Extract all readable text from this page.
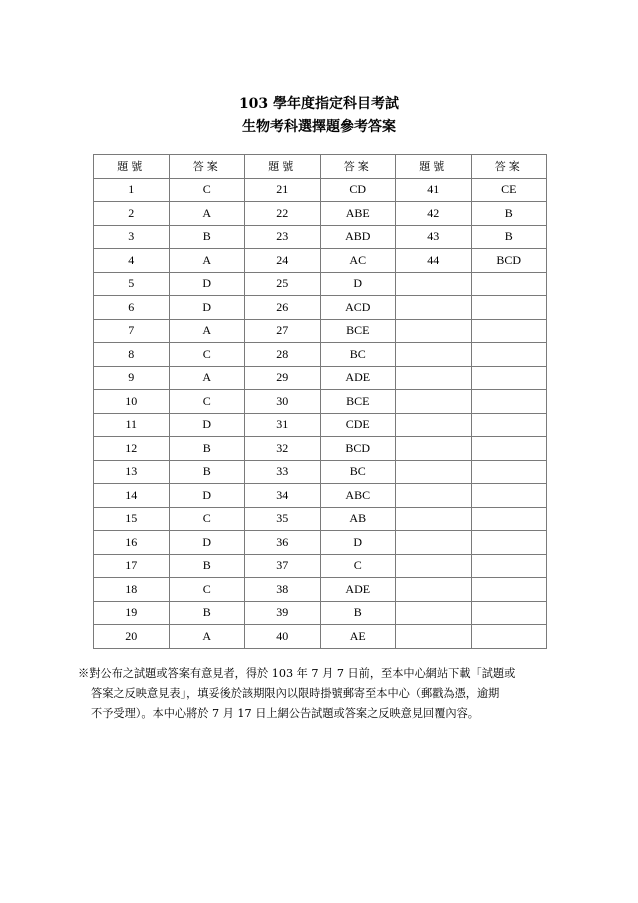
103 學年度指定科目考試
生物考科選擇題參考答案
題號	答案	題號	答案	題號	答案
1	C	21	CD	41	CE
2	A	22	ABE	42	B
3	B	23	ABD	43	B
4	A	24	AC	44	BCD
5	D	25	D		
6	D	26	ACD		
7	A	27	BCE		
8	C	28	BC		
9	A	29	ADE		
10	C	30	BCE		
11	D	31	CDE		
12	B	32	BCD		
13	B	33	BC		
14	D	34	ABC		
15	C	35	AB		
16	D	36	D		
17	B	37	C		
18	C	38	ADE		
19	B	39	B		
20	A	40	AE		
※對公布之試題或答案有意見者，得於 103 年 7 月 7 日前，至本中心網站下載「試題或
答案之反映意見表」，填妥後於該期限內以限時掛號郵寄至本中心（郵戳為憑，逾期
不予受理）。本中心將於 7 月 17 日上網公告試題或答案之反映意見回覆內容。
